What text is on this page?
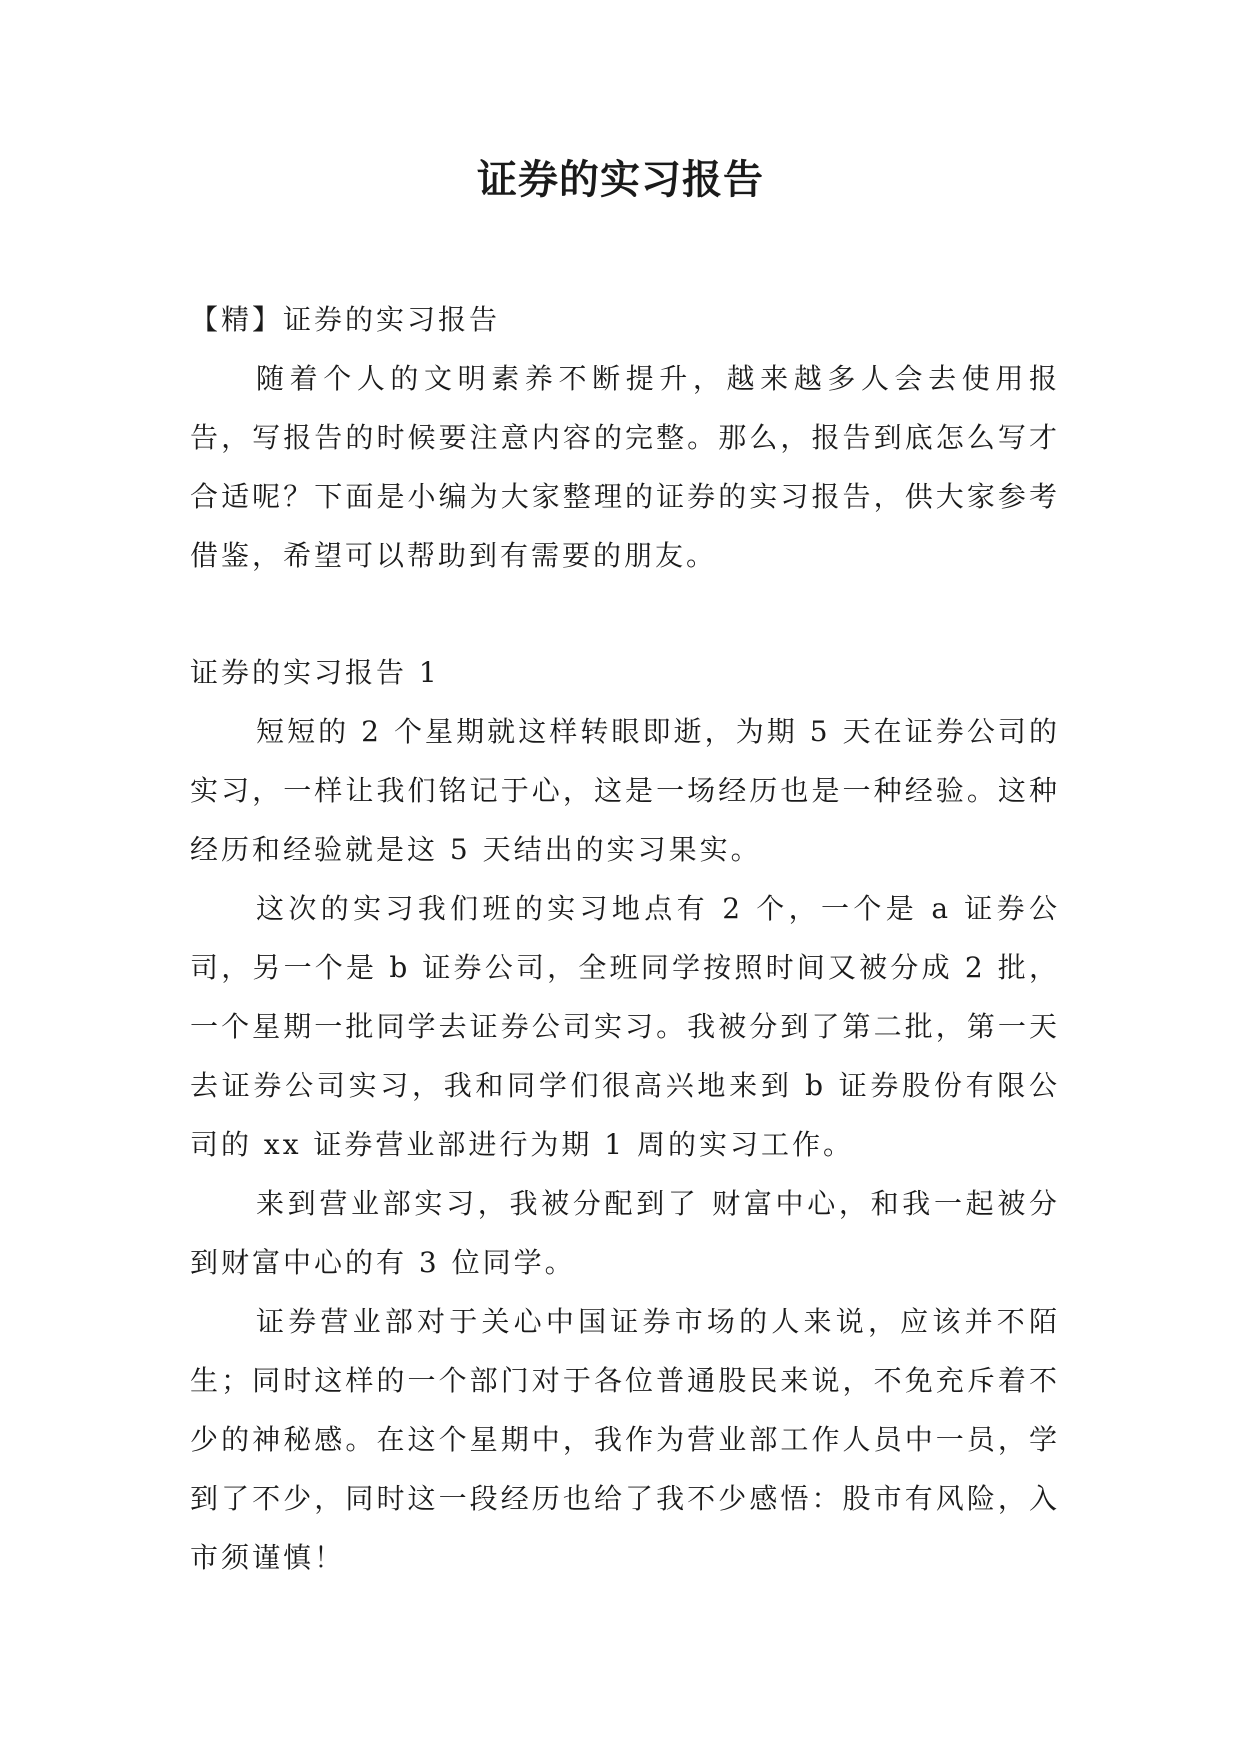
证券的实习报告

【精】证券的实习报告

随着个人的文明素养不断提升，越来越多人会去使用报告，写报告的时候要注意内容的完整。那么，报告到底怎么写才合适呢？下面是小编为大家整理的证券的实习报告，供大家参考借鉴，希望可以帮助到有需要的朋友。

证券的实习报告 1

短短的 2 个星期就这样转眼即逝，为期 5 天在证券公司的实习，一样让我们铭记于心，这是一场经历也是一种经验。这种经历和经验就是这 5 天结出的实习果实。

这次的实习我们班的实习地点有 2 个，一个是 a 证券公司，另一个是 b 证券公司，全班同学按照时间又被分成 2 批，一个星期一批同学去证券公司实习。我被分到了第二批，第一天去证券公司实习，我和同学们很高兴地来到 b 证券股份有限公司的 xx 证券营业部进行为期 1 周的实习工作。

来到营业部实习，我被分配到了 财富中心，和我一起被分到财富中心的有 3 位同学。

证券营业部对于关心中国证券市场的人来说，应该并不陌生；同时这样的一个部门对于各位普通股民来说，不免充斥着不少的神秘感。在这个星期中，我作为营业部工作人员中一员，学到了不少，同时这一段经历也给了我不少感悟：股市有风险，入市须谨慎！
